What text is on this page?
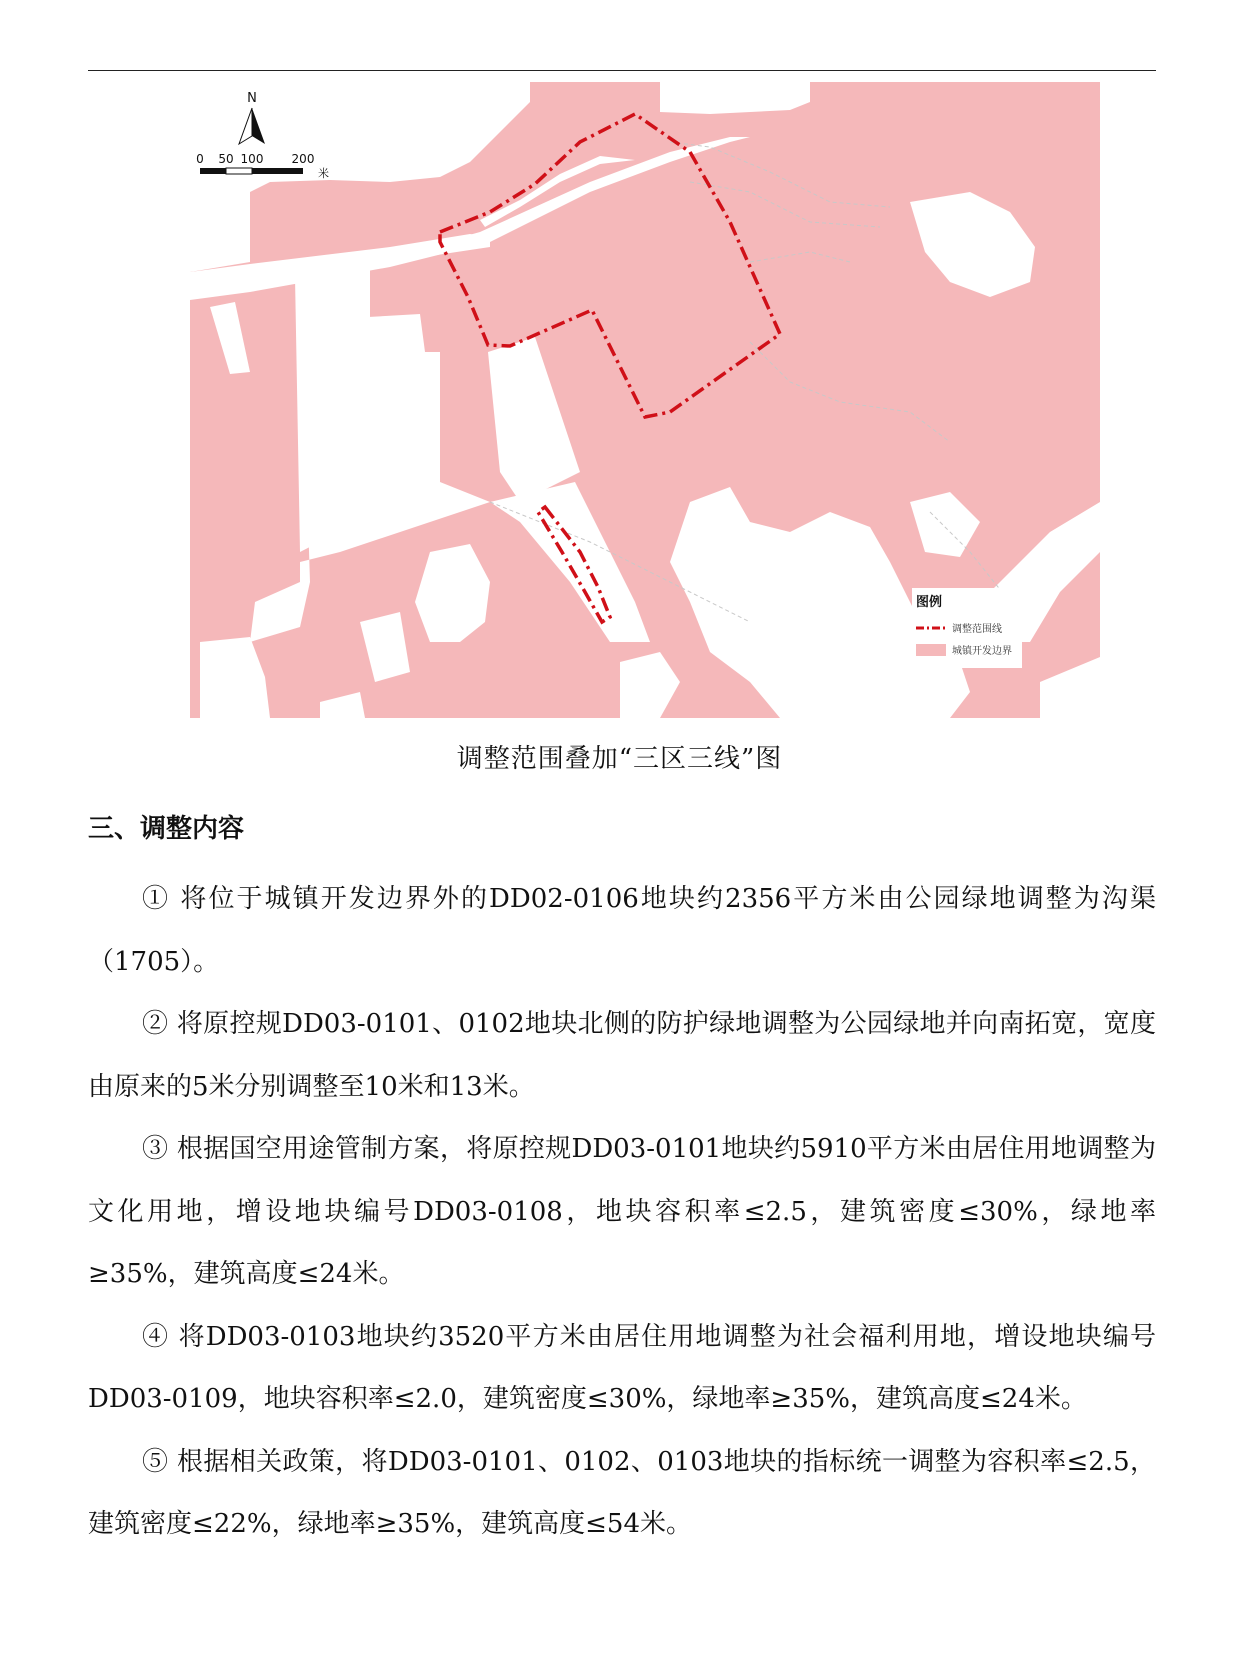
N
0 50 100 200
米
图例
调整范围线
城镇开发边界
调整范围叠加“三区三线”图
三、调整内容

① 将位于城镇开发边界外的DD02-0106地块约2356平方米由公园绿地调整为沟渠（1705）。

② 将原控规DD03-0101、0102地块北侧的防护绿地调整为公园绿地并向南拓宽，宽度由原来的5米分别调整至10米和13米。

③ 根据国空用途管制方案，将原控规DD03-0101地块约5910平方米由居住用地调整为文化用地，增设地块编号DD03-0108，地块容积率≤2.5，建筑密度≤30%，绿地率≥35%，建筑高度≤24米。

④ 将DD03-0103地块约3520平方米由居住用地调整为社会福利用地，增设地块编号DD03-0109，地块容积率≤2.0，建筑密度≤30%，绿地率≥35%，建筑高度≤24米。

⑤ 根据相关政策，将DD03-0101、0102、0103地块的指标统一调整为容积率≤2.5，建筑密度≤22%，绿地率≥35%，建筑高度≤54米。
